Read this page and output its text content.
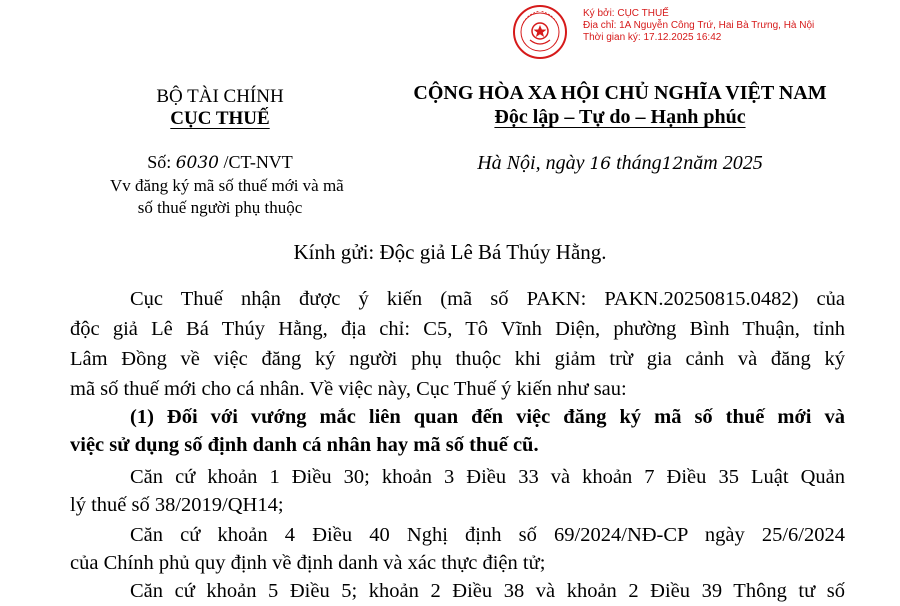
Ký bởi: CỤC THUẾ
Địa chỉ: 1A Nguyễn Công Trứ, Hai Bà Trưng, Hà Nội
Thời gian ký: 17.12.2025 16:42
BỘ TÀI CHÍNH
CỤC THUẾ
Số: 6030 /CT-NVT
Vv đăng ký mã số thuế mới và mã
số thuế người phụ thuộc
CỘNG HÒA XA HỘI CHỦ NGHĨA VIỆT NAM
Độc lập – Tự do – Hạnh phúc
Hà Nội, ngày 16 tháng12năm 2025
Kính gửi: Độc giả Lê Bá Thúy Hằng.
Cục Thuế nhận được ý kiến (mã số PAKN: PAKN.20250815.0482) của
độc giả Lê Bá Thúy Hằng, địa chỉ: C5, Tô Vĩnh Diện, phường Bình Thuận, tỉnh
Lâm Đồng về việc đăng ký người phụ thuộc khi giảm trừ gia cảnh và đăng ký
mã số thuế mới cho cá nhân. Về việc này, Cục Thuế ý kiến như sau:
(1) Đối với vướng mắc liên quan đến việc đăng ký mã số thuế mới và
việc sử dụng số định danh cá nhân hay mã số thuế cũ.
Căn cứ khoản 1 Điều 30; khoản 3 Điều 33 và khoản 7 Điều 35 Luật Quản
lý thuế số 38/2019/QH14;
Căn cứ khoản 4 Điều 40 Nghị định số 69/2024/NĐ-CP ngày 25/6/2024
của Chính phủ quy định về định danh và xác thực điện tử;
Căn cứ khoản 5 Điều 5; khoản 2 Điều 38 và khoản 2 Điều 39 Thông tư số
